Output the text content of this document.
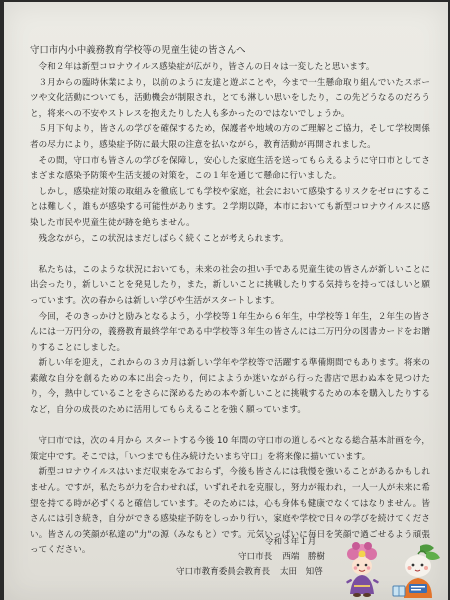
守口市内小中義務教育学校等の児童生徒の皆さんへ

令和２年は新型コロナウイルス感染症が広がり，皆さんの日々は一変したと思います。

３月からの臨時休業により，以前のように友達と遊ぶことや，今まで一生懸命取り組んでいたスポーツや文化活動についても，活動機会が制限され，とても淋しい思いをしたり，この先どうなるのだろうと，将来への不安やストレスを抱えたりした人も多かったのではないでしょうか。

５月下旬より，皆さんの学びを確保するため，保護者や地域の方のご理解とご協力，そして学校関係者の尽力により，感染症予防に最大限の注意を払いながら，教育活動が再開されました。

その間，守口市も皆さんの学びを保障し，安心した家庭生活を送ってもらえるように守口市としてさまざまな感染予防策や生活支援の対策を，この１年を通じて懸命に行いました。

しかし，感染症対策の取組みを徹底しても学校や家庭，社会において感染するリスクをゼロにすることは難しく，誰もが感染する可能性があります。２学期以降，本市においても新型コロナウイルスに感染した市民や児童生徒が跡を絶ちません。

残念ながら，この状況はまだしばらく続くことが考えられます。

私たちは，このような状況においても，未来の社会の担い手である児童生徒の皆さんが新しいことに出会ったり，新しいことを発見したり，また，新しいことに挑戦したりする気持ちを持ってほしいと願っています。次の春からは新しい学びや生活がスタートします。

今回，そのきっかけと励みとなるよう，小学校等１年生から６年生，中学校等１年生，２年生の皆さんには一万円分の，義務教育最終学年である中学校等３年生の皆さんには二万円分の図書カードをお贈りすることにしました。

新しい年を迎え，これからの３カ月は新しい学年や学校等で活躍する準備期間でもあります。将来の素敵な自分を創るための本に出会ったり，何によようか迷いながら行った書店で思わぬ本を見つけたり，今，熱中していることをさらに深めるための本や新しいことに挑戦するための本を購入したりするなど，自分の成長のために活用してもらえることを強く願っています。

守口市では，次の４月から スタートする今後 10 年間の守口市の道しるべとなる総合基本計画を今，策定中です。そこでは，「いつまでも住み続けたいまち守口」を将来像に描いています。

新型コロナウイルスはいまだ収束をみておらず，今後も皆さんには我慢を強いることがあるかもしれません。ですが，私たちが力を合わせれば，いずれそれを克服し，努力が報われ，一人一人が未来に希望を持てる時が必ずくると確信しています。そのためには，心も身体も健康でなくてはなりません。皆さんには引き続き，自分ができる感染症予防をしっかり行い，家庭や学校で日々の学びを続けてください。皆さんの笑顔が私達の"力"の源（みなもと）です。元気いっぱいに毎日を笑顔で過ごせるよう頑張ってください。

令和３年１月
守口市長 西端　勝樹
守口市教育委員会教育長 太田　知啓
